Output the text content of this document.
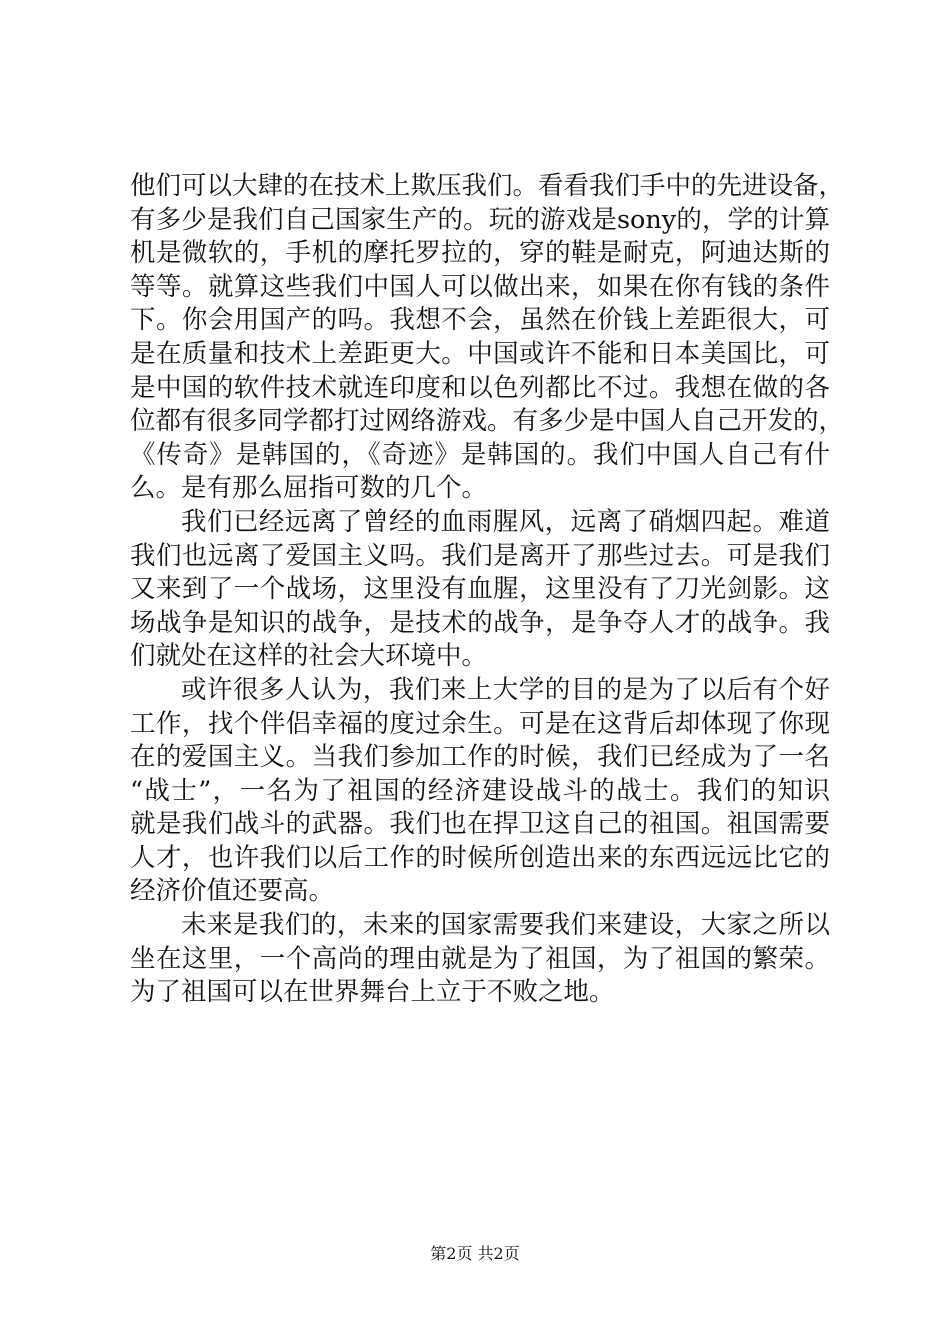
他们可以大肆的在技术上欺压我们。看看我们手中的先进设备，
有多少是我们自己国家生产的。玩的游戏是sony的，学的计算
机是微软的，手机的摩托罗拉的，穿的鞋是耐克，阿迪达斯的
等等。就算这些我们中国人可以做出来，如果在你有钱的条件
下。你会用国产的吗。我想不会，虽然在价钱上差距很大，可
是在质量和技术上差距更大。中国或许不能和日本美国比，可
是中国的软件技术就连印度和以色列都比不过。我想在做的各
位都有很多同学都打过网络游戏。有多少是中国人自己开发的，
《传奇》是韩国的，《奇迹》是韩国的。我们中国人自己有什
么。是有那么屈指可数的几个。
我们已经远离了曾经的血雨腥风，远离了硝烟四起。难道
我们也远离了爱国主义吗。我们是离开了那些过去。可是我们
又来到了一个战场，这里没有血腥，这里没有了刀光剑影。这
场战争是知识的战争，是技术的战争，是争夺人才的战争。我
们就处在这样的社会大环境中。
或许很多人认为，我们来上大学的目的是为了以后有个好
工作，找个伴侣幸福的度过余生。可是在这背后却体现了你现
在的爱国主义。当我们参加工作的时候，我们已经成为了一名
“战士”，一名为了祖国的经济建设战斗的战士。我们的知识
就是我们战斗的武器。我们也在捍卫这自己的祖国。祖国需要
人才，也许我们以后工作的时候所创造出来的东西远远比它的
经济价值还要高。
未来是我们的，未来的国家需要我们来建设，大家之所以
坐在这里，一个高尚的理由就是为了祖国，为了祖国的繁荣。
为了祖国可以在世界舞台上立于不败之地。
第2页 共2页
